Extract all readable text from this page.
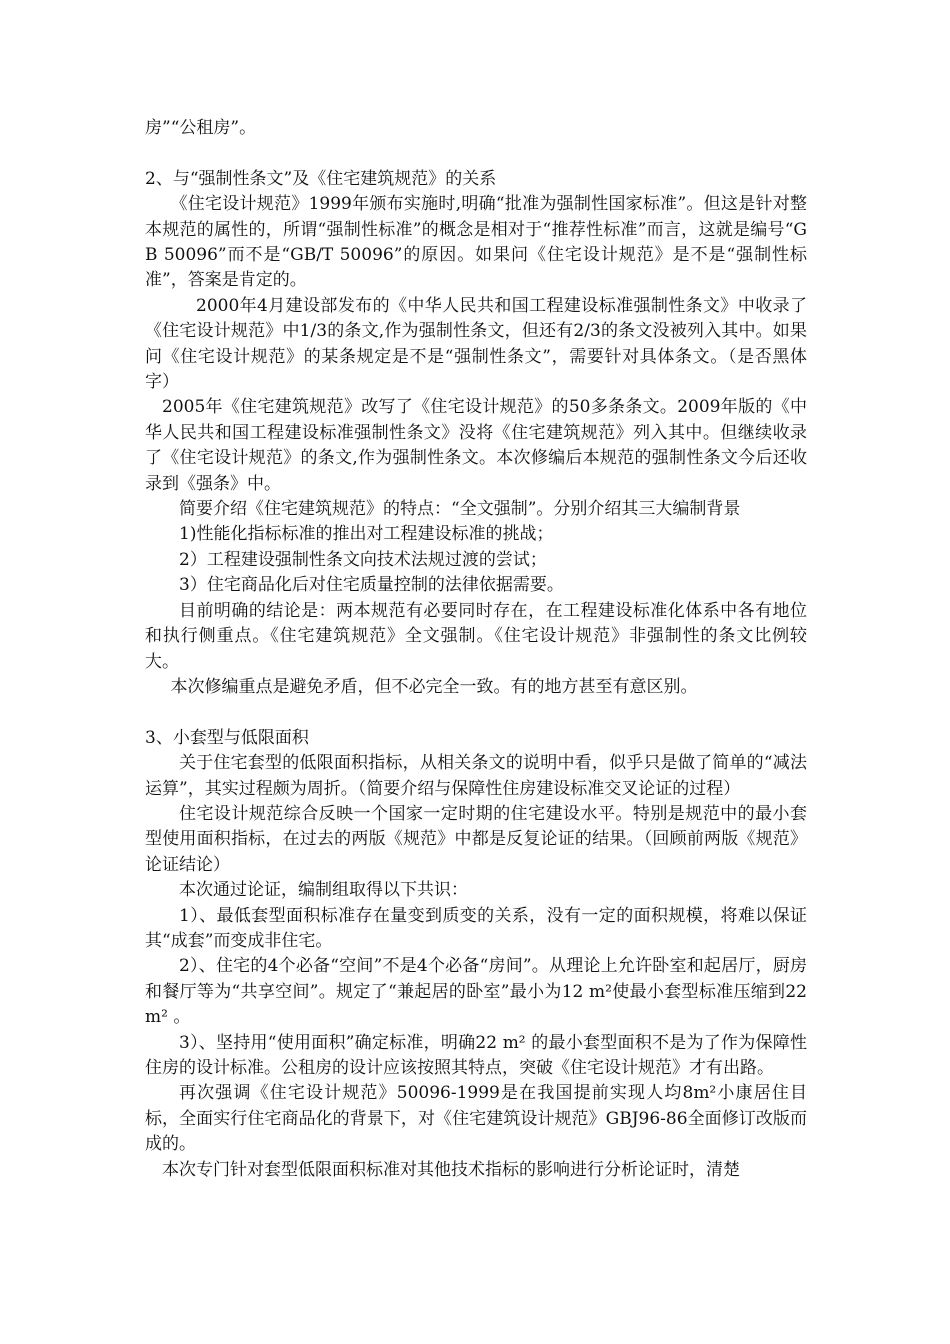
房”“公租房”。

2、与“强制性条文”及《住宅建筑规范》的关系

《住宅设计规范》1999年颁布实施时,明确“批准为强制性国家标准”。但这是针对整本规范的属性的，所谓“强制性标准”的概念是相对于“推荐性标准”而言，这就是编号“GB 50096”而不是“GB/T 50096”的原因。如果问《住宅设计规范》是不是“强制性标准”，答案是肯定的。

2000年4月建设部发布的《中华人民共和国工程建设标准强制性条文》中收录了《住宅设计规范》中1/3的条文,作为强制性条文，但还有2/3的条文没被列入其中。如果问《住宅设计规范》的某条规定是不是“强制性条文”，需要针对具体条文。（是否黑体字）

2005年《住宅建筑规范》改写了《住宅设计规范》的50多条条文。2009年版的《中华人民共和国工程建设标准强制性条文》没将《住宅建筑规范》列入其中。但继续收录了《住宅设计规范》的条文,作为强制性条文。本次修编后本规范的强制性条文今后还收录到《强条》中。

简要介绍《住宅建筑规范》的特点：“全文强制”。分别介绍其三大编制背景

1)性能化指标标准的推出对工程建设标准的挑战；

2）工程建设强制性条文向技术法规过渡的尝试；

3）住宅商品化后对住宅质量控制的法律依据需要。

目前明确的结论是：两本规范有必要同时存在，在工程建设标准化体系中各有地位和执行侧重点。《住宅建筑规范》全文强制。《住宅设计规范》非强制性的条文比例较大。

本次修编重点是避免矛盾，但不必完全一致。有的地方甚至有意区别。

3、小套型与低限面积

关于住宅套型的低限面积指标，从相关条文的说明中看，似乎只是做了简单的“减法运算”，其实过程颇为周折。（简要介绍与保障性住房建设标准交叉论证的过程）

住宅设计规范综合反映一个国家一定时期的住宅建设水平。特别是规范中的最小套型使用面积指标，在过去的两版《规范》中都是反复论证的结果。（回顾前两版《规范》论证结论）

本次通过论证，编制组取得以下共识：

1）、最低套型面积标准存在量变到质变的关系，没有一定的面积规模，将难以保证其“成套”而变成非住宅。

2）、住宅的4个必备“空间”不是4个必备“房间”。从理论上允许卧室和起居厅，厨房和餐厅等为“共享空间”。规定了“兼起居的卧室”最小为12 m²使最小套型标准压缩到22 m² 。

3）、坚持用“使用面积”确定标准，明确22 m² 的最小套型面积不是为了作为保障性住房的设计标准。公租房的设计应该按照其特点，突破《住宅设计规范》才有出路。

再次强调《住宅设计规范》50096-1999是在我国提前实现人均8m²小康居住目标，全面实行住宅商品化的背景下，对《住宅建筑设计规范》GBJ96-86全面修订改版而成的。

本次专门针对套型低限面积标准对其他技术指标的影响进行分析论证时，清楚
